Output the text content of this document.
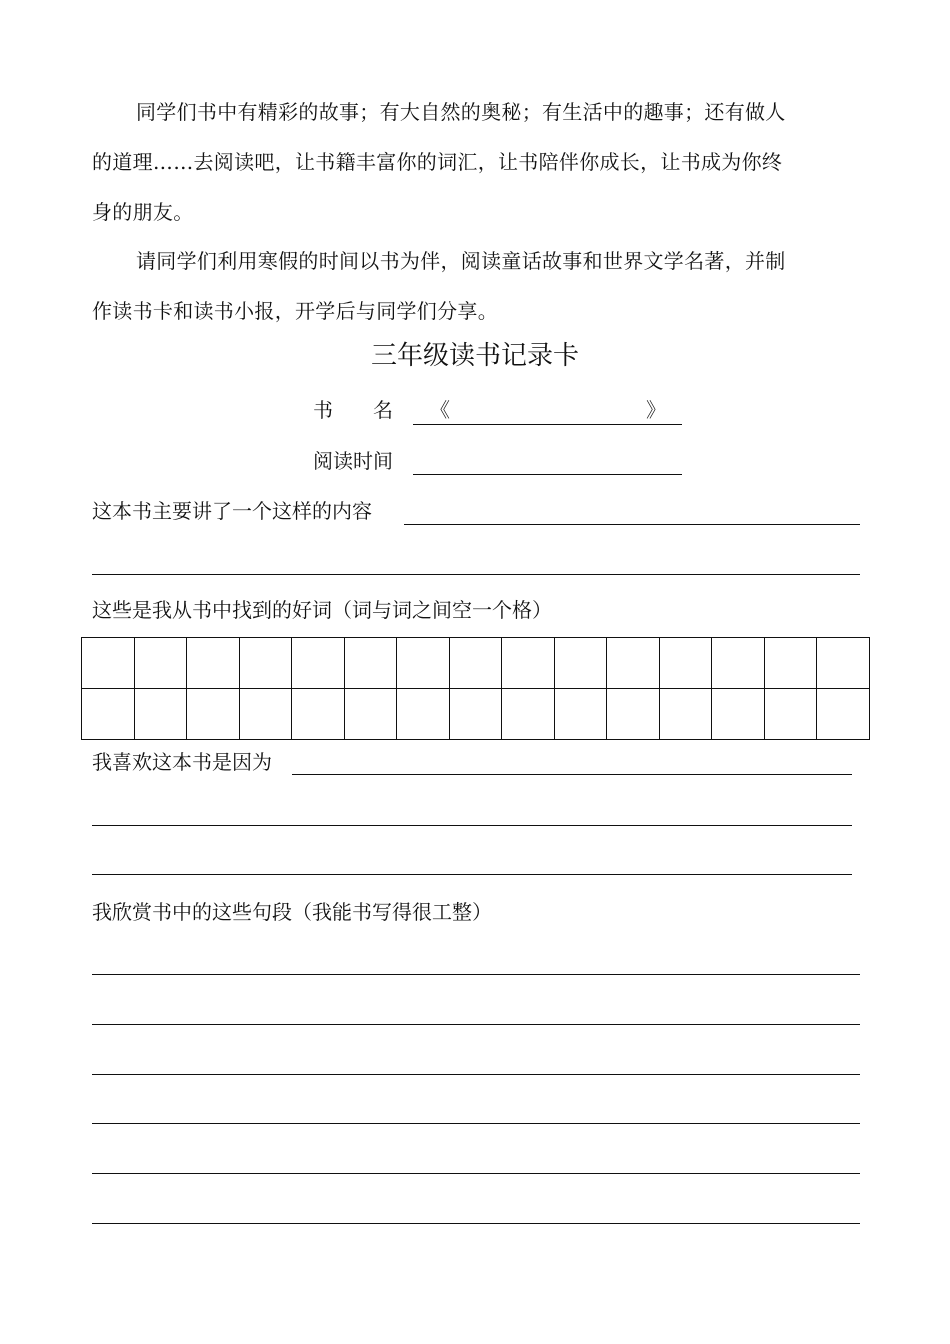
同学们书中有精彩的故事；有大自然的奥秘；有生活中的趣事；还有做人
的道理……去阅读吧，让书籍丰富你的词汇，让书陪伴你成长，让书成为你终
身的朋友。
请同学们利用寒假的时间以书为伴，阅读童话故事和世界文学名著，并制
作读书卡和读书小报，开学后与同学们分享。
三年级读书记录卡
书　　名 《	》
阅读时间
这本书主要讲了一个这样的内容
这些是我从书中找到的好词（词与词之间空一个格）

我喜欢这本书是因为
我欣赏书中的这些句段（我能书写得很工整）
